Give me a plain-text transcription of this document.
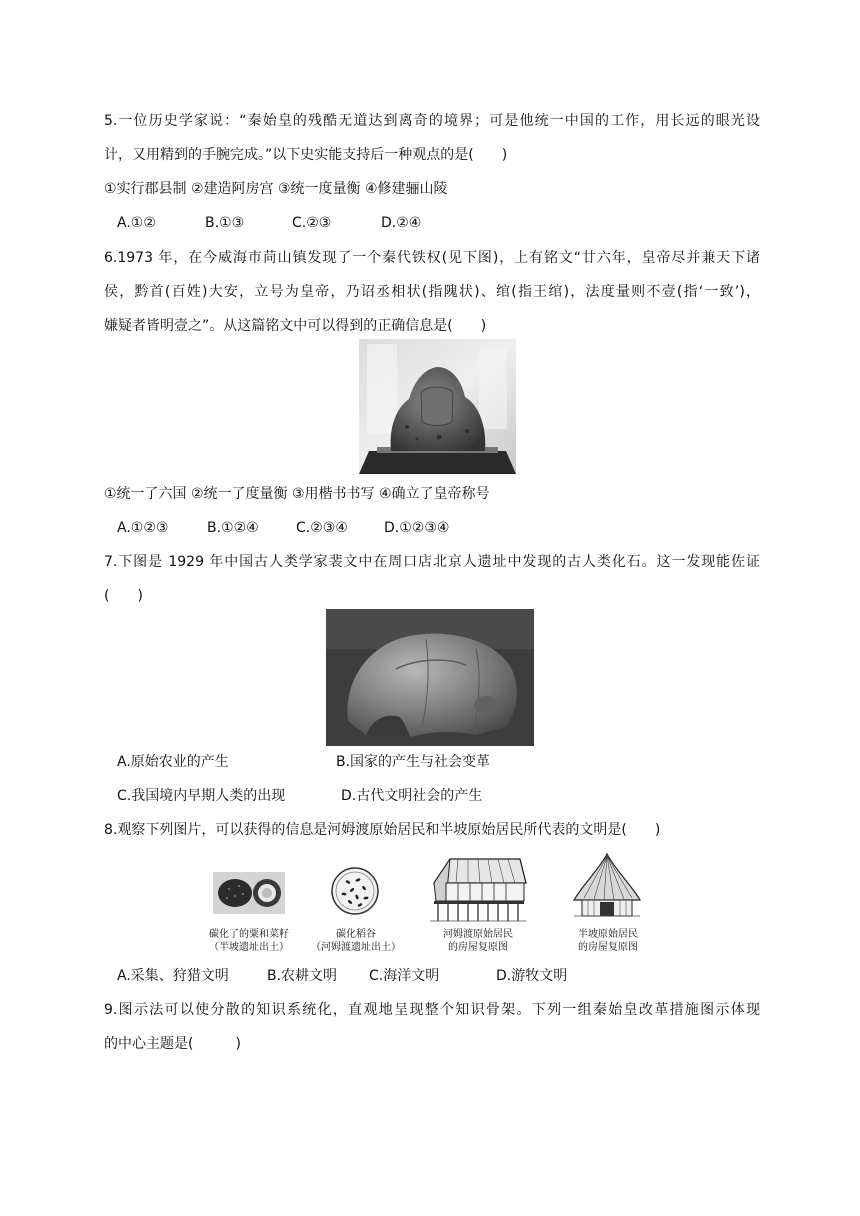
5.一位历史学家说：“秦始皇的残酷无道达到离奇的境界；可是他统一中国的工作，用长远的眼光设
计，又用精到的手腕完成。”以下史实能支持后一种观点的是(　　)
①实行郡县制 ②建造阿房宫 ③统一度量衡 ④修建骊山陵
A.①②	B.①③	C.②③	D.②④
6.1973 年，在今威海市苘山镇发现了一个秦代铁权(见下图)，上有铭文“廿六年，皇帝尽并兼天下诸
侯，黔首(百姓)大安，立号为皇帝，乃诏丞相状(指隗状)、绾(指王绾)，法度量则不壹(指‘一致’)，
嫌疑者皆明壹之”。从这篇铭文中可以得到的正确信息是(　　)
①统一了六国 ②统一了度量衡 ③用楷书书写 ④确立了皇帝称号
A.①②③	B.①②④	C.②③④	D.①②③④
7.下图是 1929 年中国古人类学家裴文中在周口店北京人遗址中发现的古人类化石。这一发现能佐证
(　　)
A.原始农业的产生	B.国家的产生与社会变革
C.我国境内早期人类的出现	D.古代文明社会的产生
8.观察下列图片，可以获得的信息是河姆渡原始居民和半坡原始居民所代表的文明是(　　)
碳化了的粟和菜籽
（半坡遗址出土）
碳化稻谷
（河姆渡遗址出土）
河姆渡原始居民
的房屋复原图
半坡原始居民
的房屋复原图
A.采集、狩猎文明	B.农耕文明 C.海洋文明	D.游牧文明
9.图示法可以使分散的知识系统化，直观地呈现整个知识骨架。下列一组秦始皇改革措施图示体现
的中心主题是(　　　)
